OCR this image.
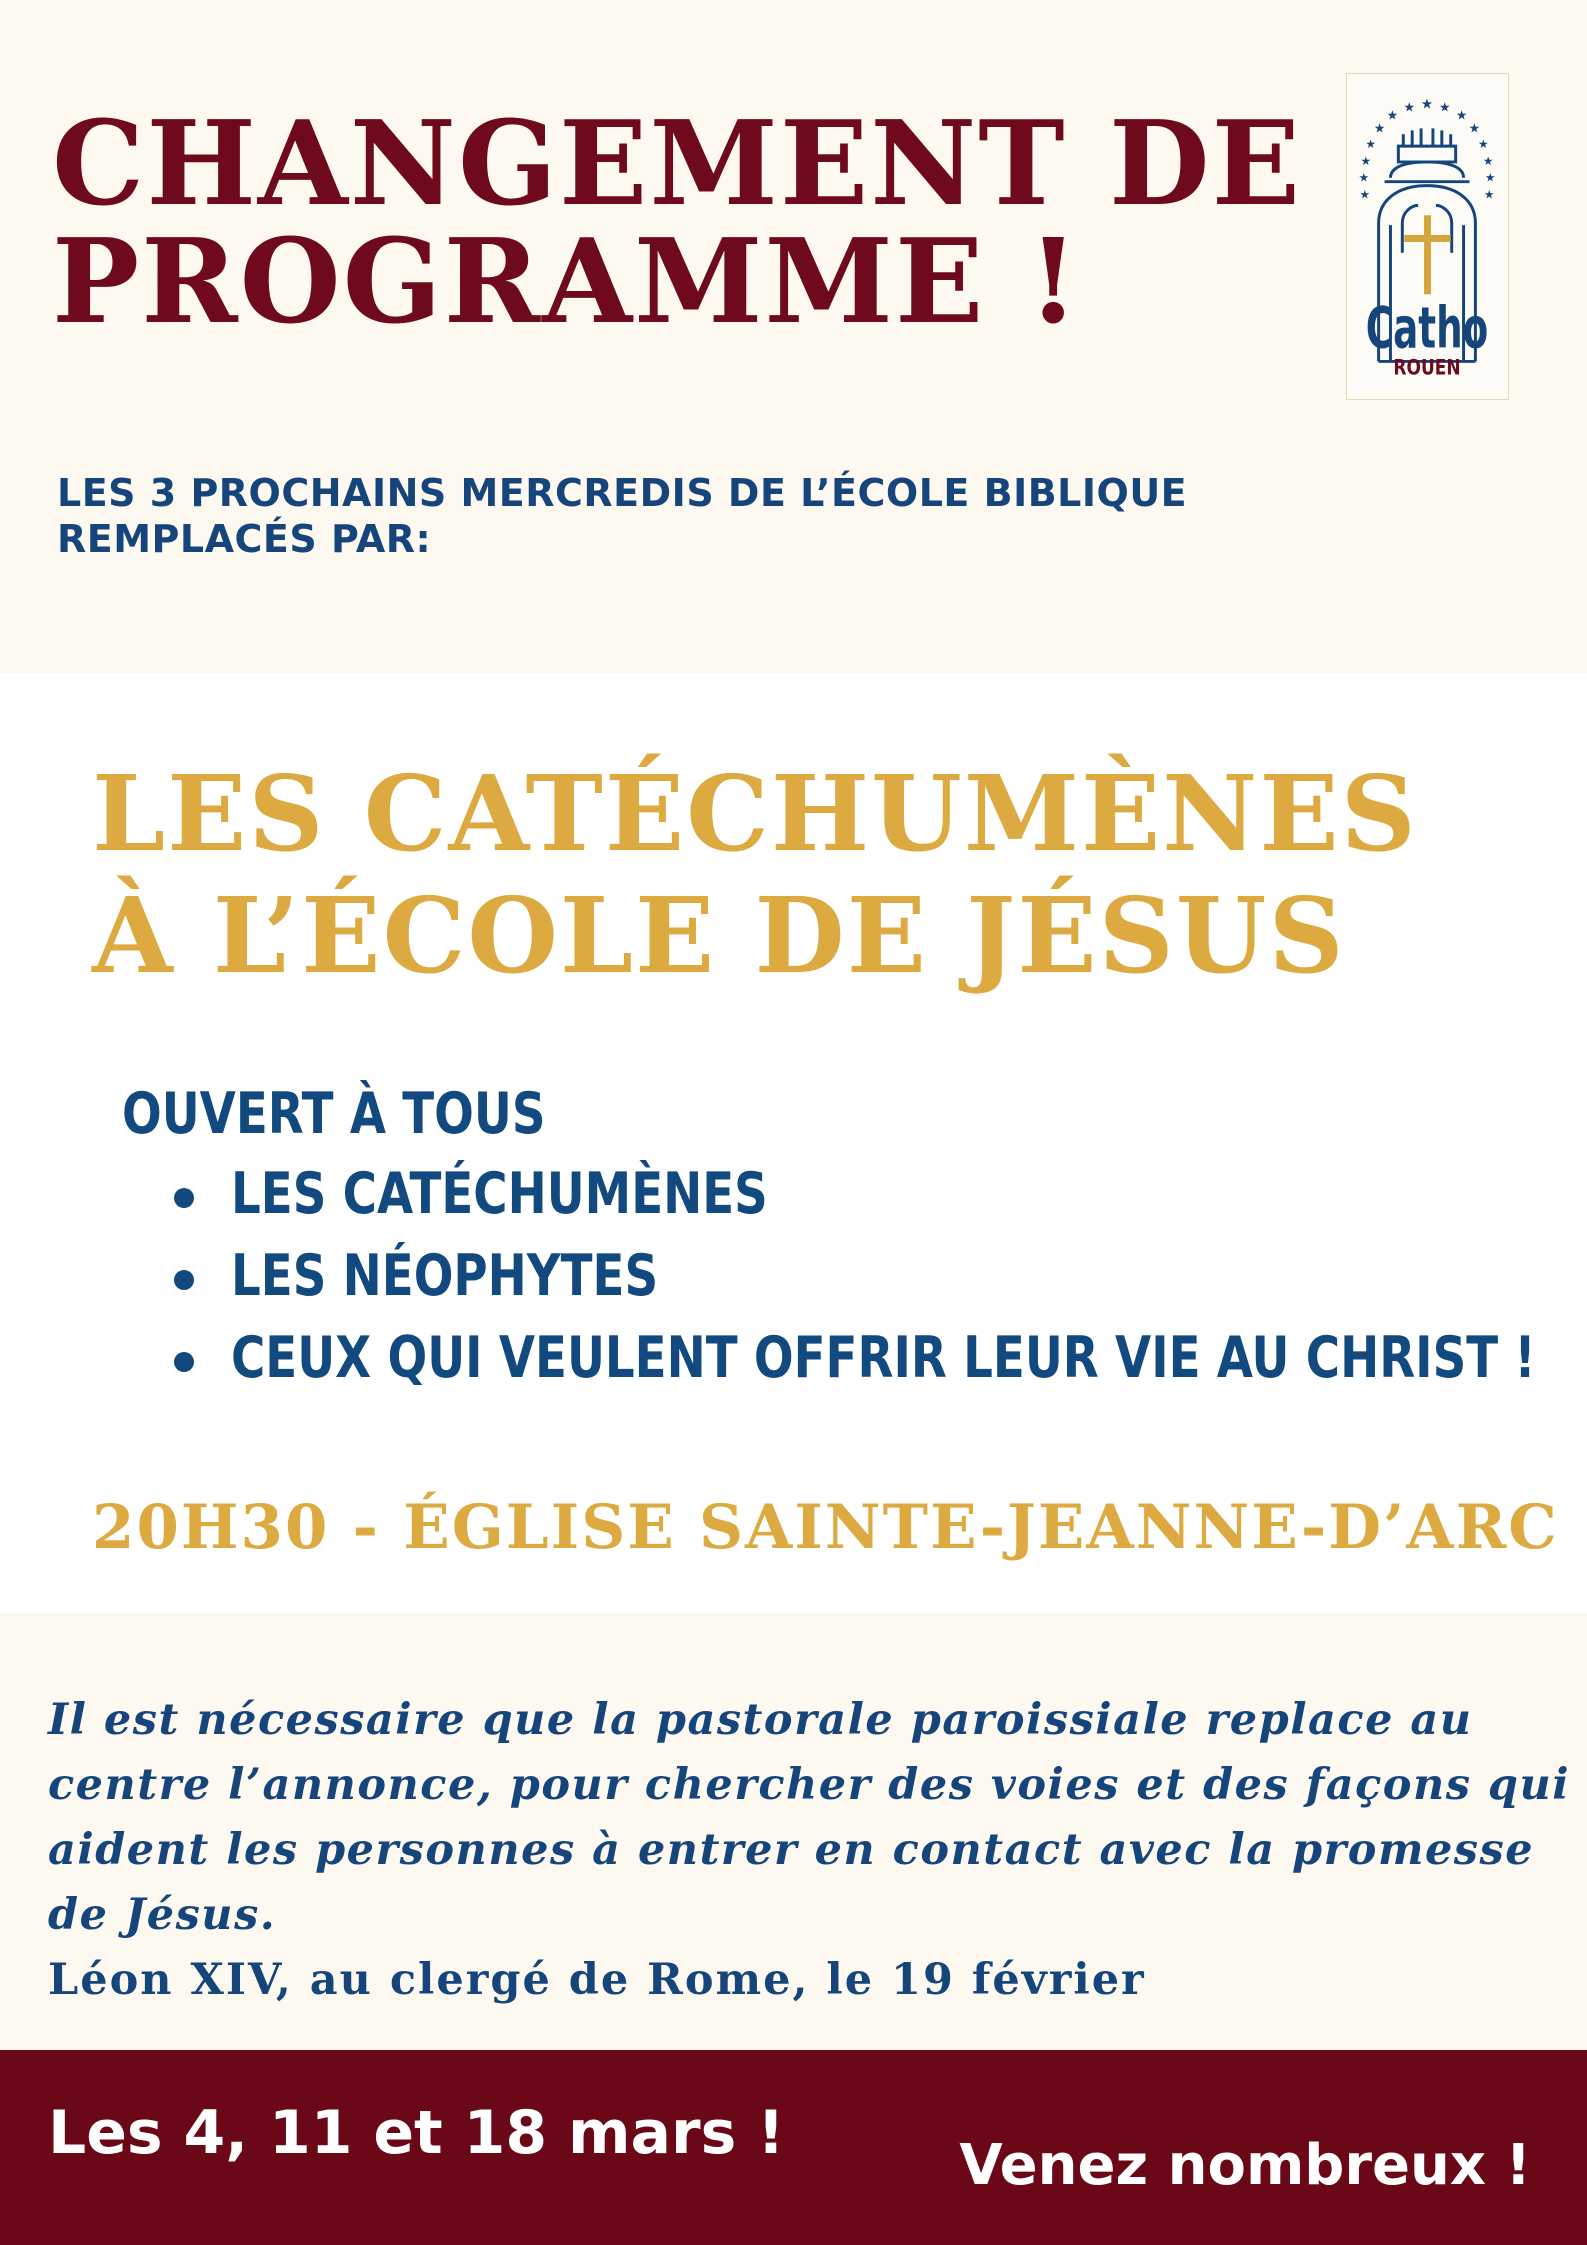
CHANGEMENT DE
PROGRAMME !
★
★ ★
★	★
★	★
★	★
★	★
★	★
★	★
Catho
ROUEN
LES 3 PROCHAINS MERCREDIS DE L’ÉCOLE BIBLIQUE
REMPLACÉS PAR:
LES CATÉCHUMÈNES
À L’ÉCOLE DE JÉSUS
OUVERT À TOUS
LES CATÉCHUMÈNES
LES NÉOPHYTES
CEUX QUI VEULENT OFFRIR LEUR VIE AU CHRIST !
20H30 - ÉGLISE SAINTE-JEANNE-D’ARC
Il est nécessaire que la pastorale paroissiale replace au
centre l’annonce, pour chercher des voies et des façons qui
aident les personnes à entrer en contact avec la promesse
de Jésus.
Léon XIV, au clergé de Rome, le 19 février
Les 4, 11 et 18 mars !	Venez nombreux !
